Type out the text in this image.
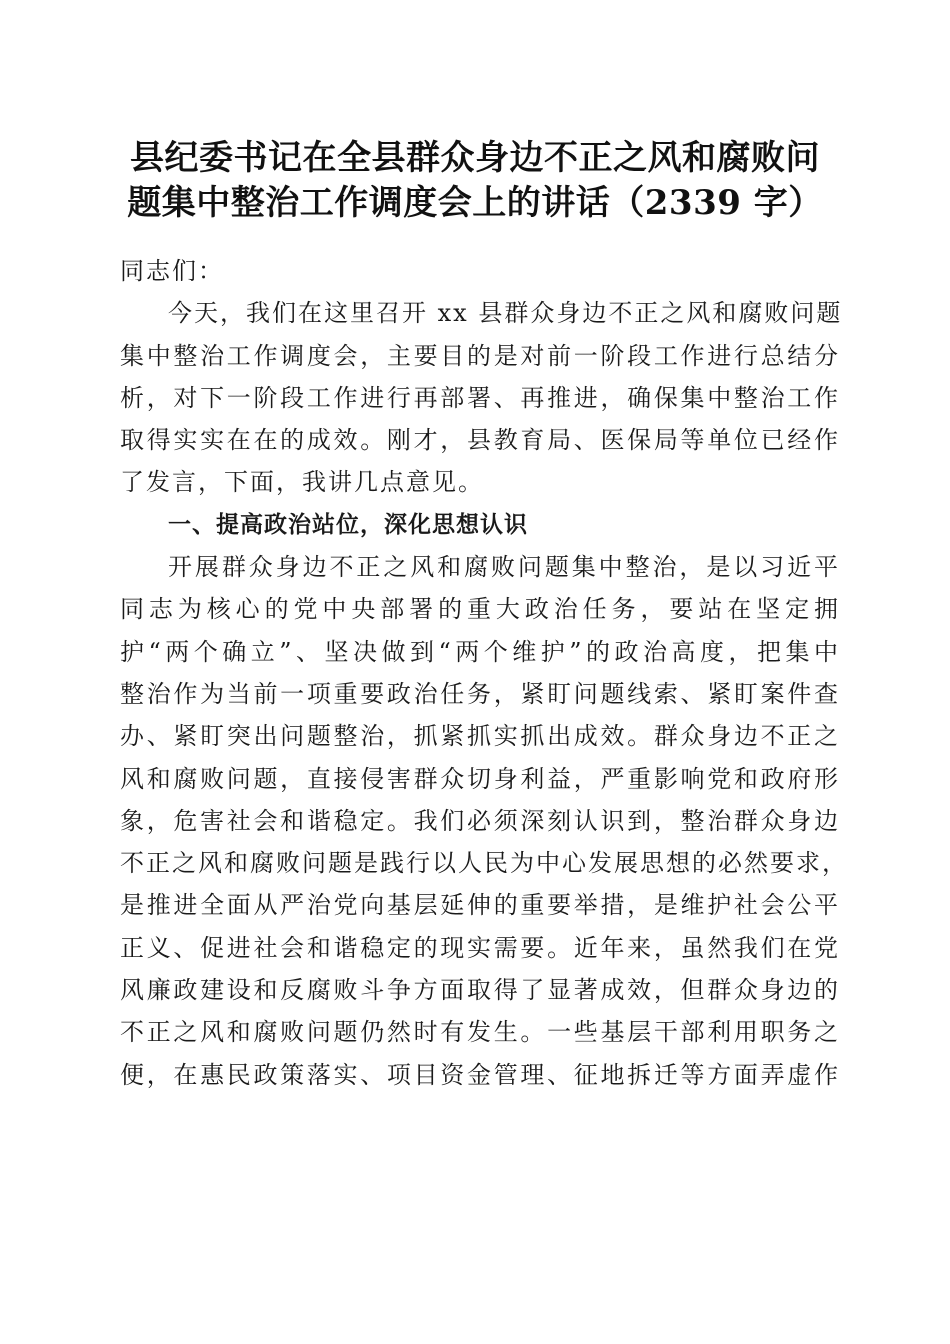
县纪委书记在全县群众身边不正之风和腐败问
题集中整治工作调度会上的讲话（2339 字）
同志们：
今天，我们在这里召开 xx 县群众身边不正之风和腐败问题
集中整治工作调度会，主要目的是对前一阶段工作进行总结分
析，对下一阶段工作进行再部署、再推进，确保集中整治工作
取得实实在在的成效。刚才，县教育局、医保局等单位已经作
了发言，下面，我讲几点意见。
一、提高政治站位，深化思想认识
开展群众身边不正之风和腐败问题集中整治，是以习近平
同志为核心的党中央部署的重大政治任务，要站在坚定拥
护“两个确立”、坚决做到“两个维护”的政治高度，把集中
整治作为当前一项重要政治任务，紧盯问题线索、紧盯案件查
办、紧盯突出问题整治，抓紧抓实抓出成效。群众身边不正之
风和腐败问题，直接侵害群众切身利益，严重影响党和政府形
象，危害社会和谐稳定。我们必须深刻认识到，整治群众身边
不正之风和腐败问题是践行以人民为中心发展思想的必然要求，
是推进全面从严治党向基层延伸的重要举措，是维护社会公平
正义、促进社会和谐稳定的现实需要。近年来，虽然我们在党
风廉政建设和反腐败斗争方面取得了显著成效，但群众身边的
不正之风和腐败问题仍然时有发生。一些基层干部利用职务之
便，在惠民政策落实、项目资金管理、征地拆迁等方面弄虚作
